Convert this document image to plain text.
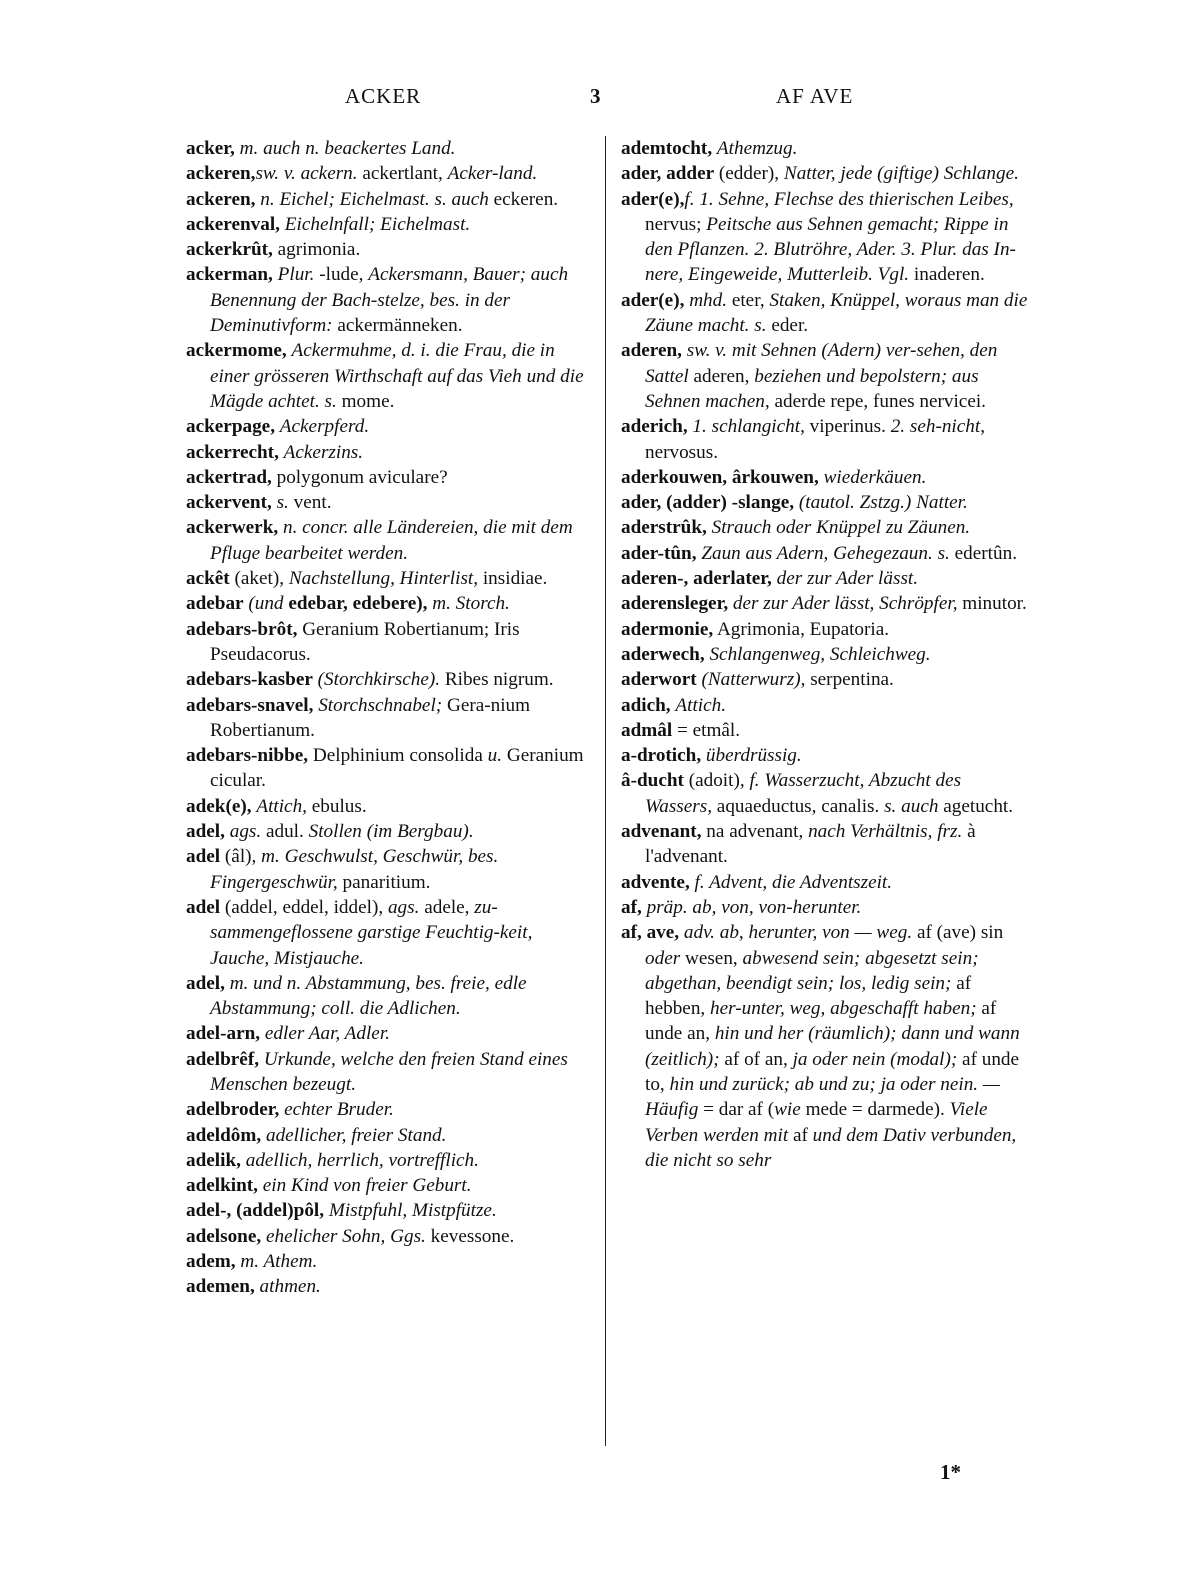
ACKER	3	AF AVE

acker, m. auch n. beackertes Land.

ackeren,sw. v. ackern. ackertlant, Acker-land.

ackeren, n. Eichel; Eichelmast. s. auch eckeren.

ackerenval, Eichelnfall; Eichelmast.

ackerkrût, agrimonia.

ackerman, Plur. -lude, Ackersmann, Bauer; auch Benennung der Bach-stelze, bes. in der Deminutivform: ackermänneken.

ackermome, Ackermuhme, d. i. die Frau, die in einer grösseren Wirthschaft auf das Vieh und die Mägde achtet. s. mome.

ackerpage, Ackerpferd.

ackerrecht, Ackerzins.

ackertrad, polygonum aviculare?

ackervent, s. vent.

ackerwerk, n. concr. alle Ländereien, die mit dem Pfluge bearbeitet werden.

ackêt (aket), Nachstellung, Hinterlist, insidiae.

adebar (und edebar, edebere), m. Storch.

adebars-brôt, Geranium Robertianum; Iris Pseudacorus.

adebars-kasber (Storchkirsche). Ribes nigrum.

adebars-snavel, Storchschnabel; Gera-nium Robertianum.

adebars-nibbe, Delphinium consolida u. Geranium cicular.

adek(e), Attich, ebulus.

adel, ags. adul. Stollen (im Bergbau).

adel (âl), m. Geschwulst, Geschwür, bes. Fingergeschwür, panaritium.

adel (addel, eddel, iddel), ags. adele, zu-sammengeflossene garstige Feuchtig-keit, Jauche, Mistjauche.

adel, m. und n. Abstammung, bes. freie, edle Abstammung; coll. die Adlichen.

adel-arn, edler Aar, Adler.

adelbrêf, Urkunde, welche den freien Stand eines Menschen bezeugt.

adelbroder, echter Bruder.

adeldôm, adellicher, freier Stand.

adelik, adellich, herrlich, vortrefflich.

adelkint, ein Kind von freier Geburt.

adel-, (addel)pôl, Mistpfuhl, Mistpfütze.

adelsone, ehelicher Sohn, Ggs. kevessone.

adem, m. Athem.

ademen, athmen.

ademtocht, Athemzug.

ader, adder (edder), Natter, jede (giftige) Schlange.

ader(e),f. 1. Sehne, Flechse des thierischen Leibes, nervus; Peitsche aus Sehnen gemacht; Rippe in den Pflanzen. 2. Blutröhre, Ader. 3. Plur. das In-nere, Eingeweide, Mutterleib. Vgl. inaderen.

ader(e), mhd. eter, Staken, Knüppel, woraus man die Zäune macht. s. eder.

aderen, sw. v. mit Sehnen (Adern) ver-sehen, den Sattel aderen, beziehen und bepolstern; aus Sehnen machen, aderde repe, funes nervicei.

aderich, 1. schlangicht, viperinus. 2. seh-nicht, nervosus.

aderkouwen, ârkouwen, wiederkäuen.

ader, (adder) -slange, (tautol. Zstzg.) Natter.

aderstrûk, Strauch oder Knüppel zu Zäunen.

ader-tûn, Zaun aus Adern, Gehegezaun. s. edertûn.

aderen-, aderlater, der zur Ader lässt.

aderensleger, der zur Ader lässt, Schröpfer, minutor.

adermonie, Agrimonia, Eupatoria.

aderwech, Schlangenweg, Schleichweg.

aderwort (Natterwurz), serpentina.

adich, Attich.

admâl = etmâl.

a-drotich, überdrüssig.

â-ducht (adoit), f. Wasserzucht, Abzucht des Wassers, aquaeductus, canalis. s. auch agetucht.

advenant, na advenant, nach Verhältnis, frz. à l'advenant.

advente, f. Advent, die Adventszeit.

af, präp. ab, von, von-herunter.

af, ave, adv. ab, herunter, von — weg. af (ave) sin oder wesen, abwesend sein; abgesetzt sein; abgethan, beendigt sein; los, ledig sein; af hebben, her-unter, weg, abgeschafft haben; af unde an, hin und her (räumlich); dann und wann (zeitlich); af of an, ja oder nein (modal); af unde to, hin und zurück; ab und zu; ja oder nein. — Häufig = dar af (wie mede = darmede). Viele Verben werden mit af und dem Dativ verbunden, die nicht so sehr

1*
